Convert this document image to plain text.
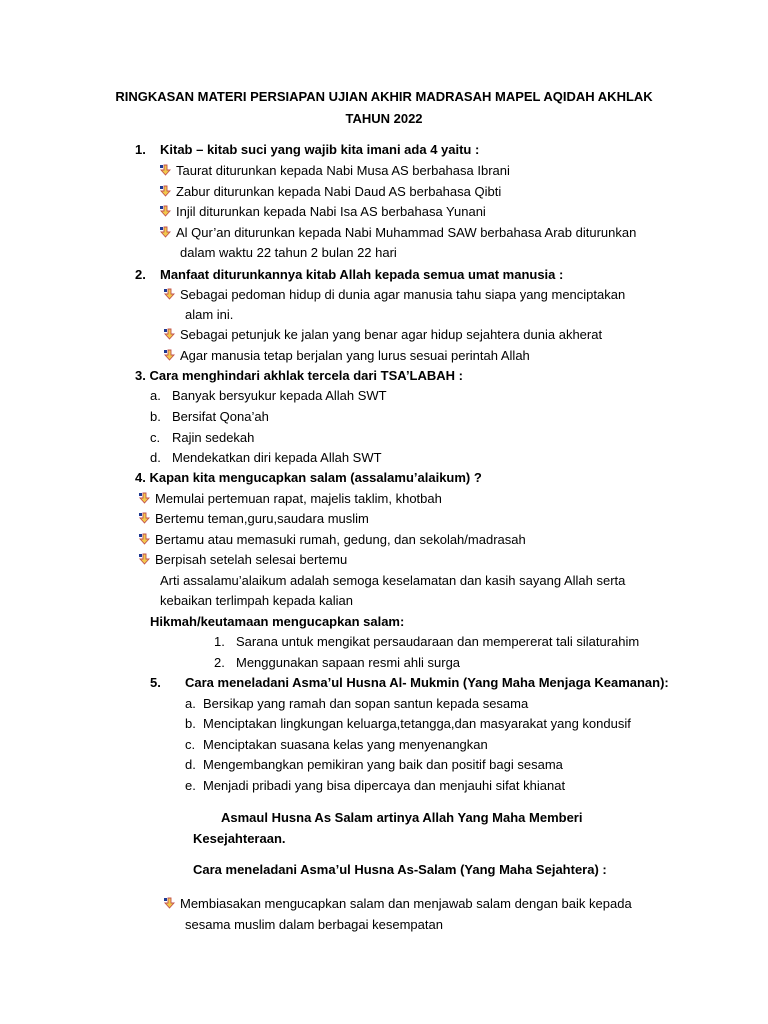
RINGKASAN MATERI PERSIAPAN UJIAN AKHIR MADRASAH MAPEL AQIDAH AKHLAK
TAHUN 2022
1. Kitab – kitab suci yang wajib kita imani ada 4 yaitu :
Taurat diturunkan kepada Nabi Musa AS berbahasa Ibrani
Zabur diturunkan kepada Nabi Daud AS berbahasa Qibti
Injil diturunkan kepada Nabi Isa AS berbahasa Yunani
Al Qur’an diturunkan kepada Nabi Muhammad SAW berbahasa Arab diturunkan
dalam waktu 22 tahun 2 bulan 22 hari
2. Manfaat diturunkannya kitab Allah kepada semua umat manusia :
Sebagai pedoman hidup di dunia agar manusia tahu siapa yang menciptakan
alam ini.
Sebagai petunjuk ke jalan yang benar agar hidup sejahtera dunia akherat
Agar manusia tetap berjalan yang lurus sesuai perintah Allah
3. Cara menghindari akhlak tercela dari TSA’LABAH :
a. Banyak bersyukur kepada Allah SWT
b. Bersifat Qona’ah
c. Rajin sedekah
d. Mendekatkan diri kepada Allah SWT
4. Kapan kita mengucapkan salam (assalamu’alaikum) ?
Memulai pertemuan rapat, majelis taklim, khotbah
Bertemu teman,guru,saudara muslim
Bertamu atau memasuki rumah, gedung, dan sekolah/madrasah
Berpisah setelah selesai bertemu
Arti assalamu’alaikum adalah semoga keselamatan dan kasih sayang Allah serta
kebaikan terlimpah kepada kalian
Hikmah/keutamaan mengucapkan salam:
1. Sarana untuk mengikat persaudaraan dan mempererat tali silaturahim
2. Menggunakan sapaan resmi ahli surga
5. Cara meneladani Asma’ul Husna Al- Mukmin (Yang Maha Menjaga Keamanan):
a. Bersikap yang ramah dan sopan santun kepada sesama
b. Menciptakan lingkungan keluarga,tetangga,dan masyarakat yang kondusif
c. Menciptakan suasana kelas yang menyenangkan
d. Mengembangkan pemikiran yang baik dan positif bagi sesama
e. Menjadi pribadi yang bisa dipercaya dan menjauhi sifat khianat
Asmaul Husna As Salam artinya Allah Yang Maha Memberi
Kesejahteraan.
Cara meneladani Asma’ul Husna As-Salam (Yang Maha Sejahtera) :
Membiasakan mengucapkan salam dan menjawab salam dengan baik kepada
sesama muslim dalam berbagai kesempatan
